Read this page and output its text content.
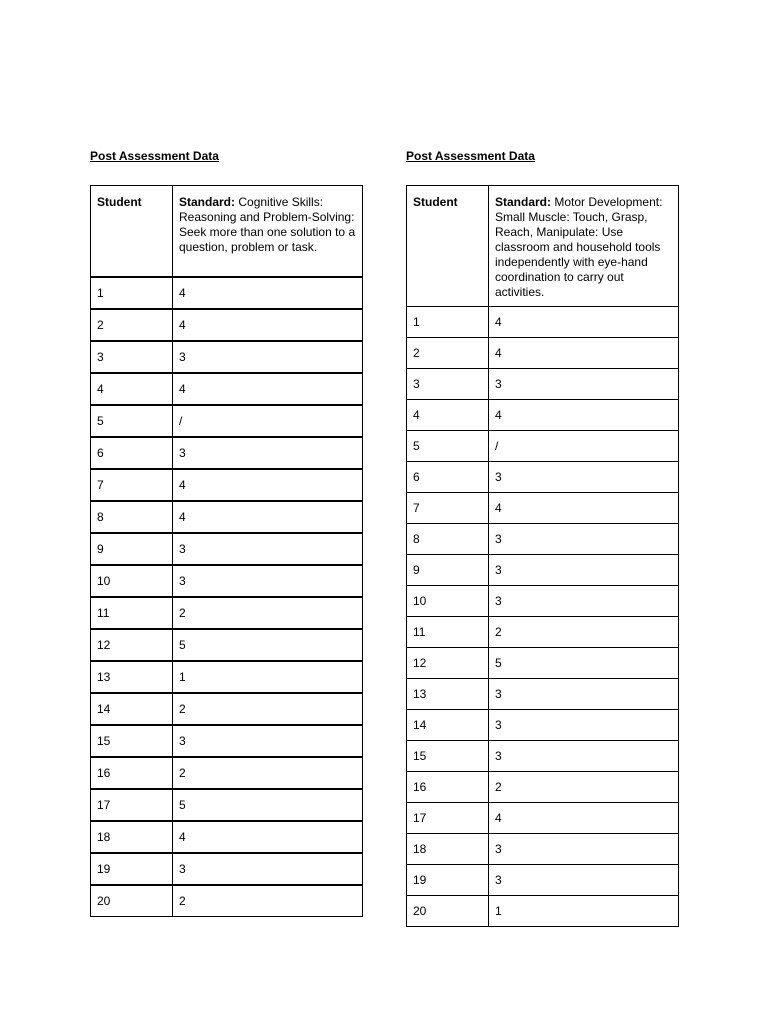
Post Assessment Data
Student	Standard: Cognitive Skills: Reasoning and Problem-Solving: Seek more than one solution to a question, problem or task.
1	4
2	4
3	3
4	4
5	/
6	3
7	4
8	4
9	3
10	3
11	2
12	5
13	1
14	2
15	3
16	2
17	5
18	4
19	3
20	2
Post Assessment Data
Student	Standard: Motor Development: Small Muscle: Touch, Grasp, Reach, Manipulate: Use classroom and household tools independently with eye-hand coordination to carry out activities.
1	4
2	4
3	3
4	4
5	/
6	3
7	4
8	3
9	3
10	3
11	2
12	5
13	3
14	3
15	3
16	2
17	4
18	3
19	3
20	1
